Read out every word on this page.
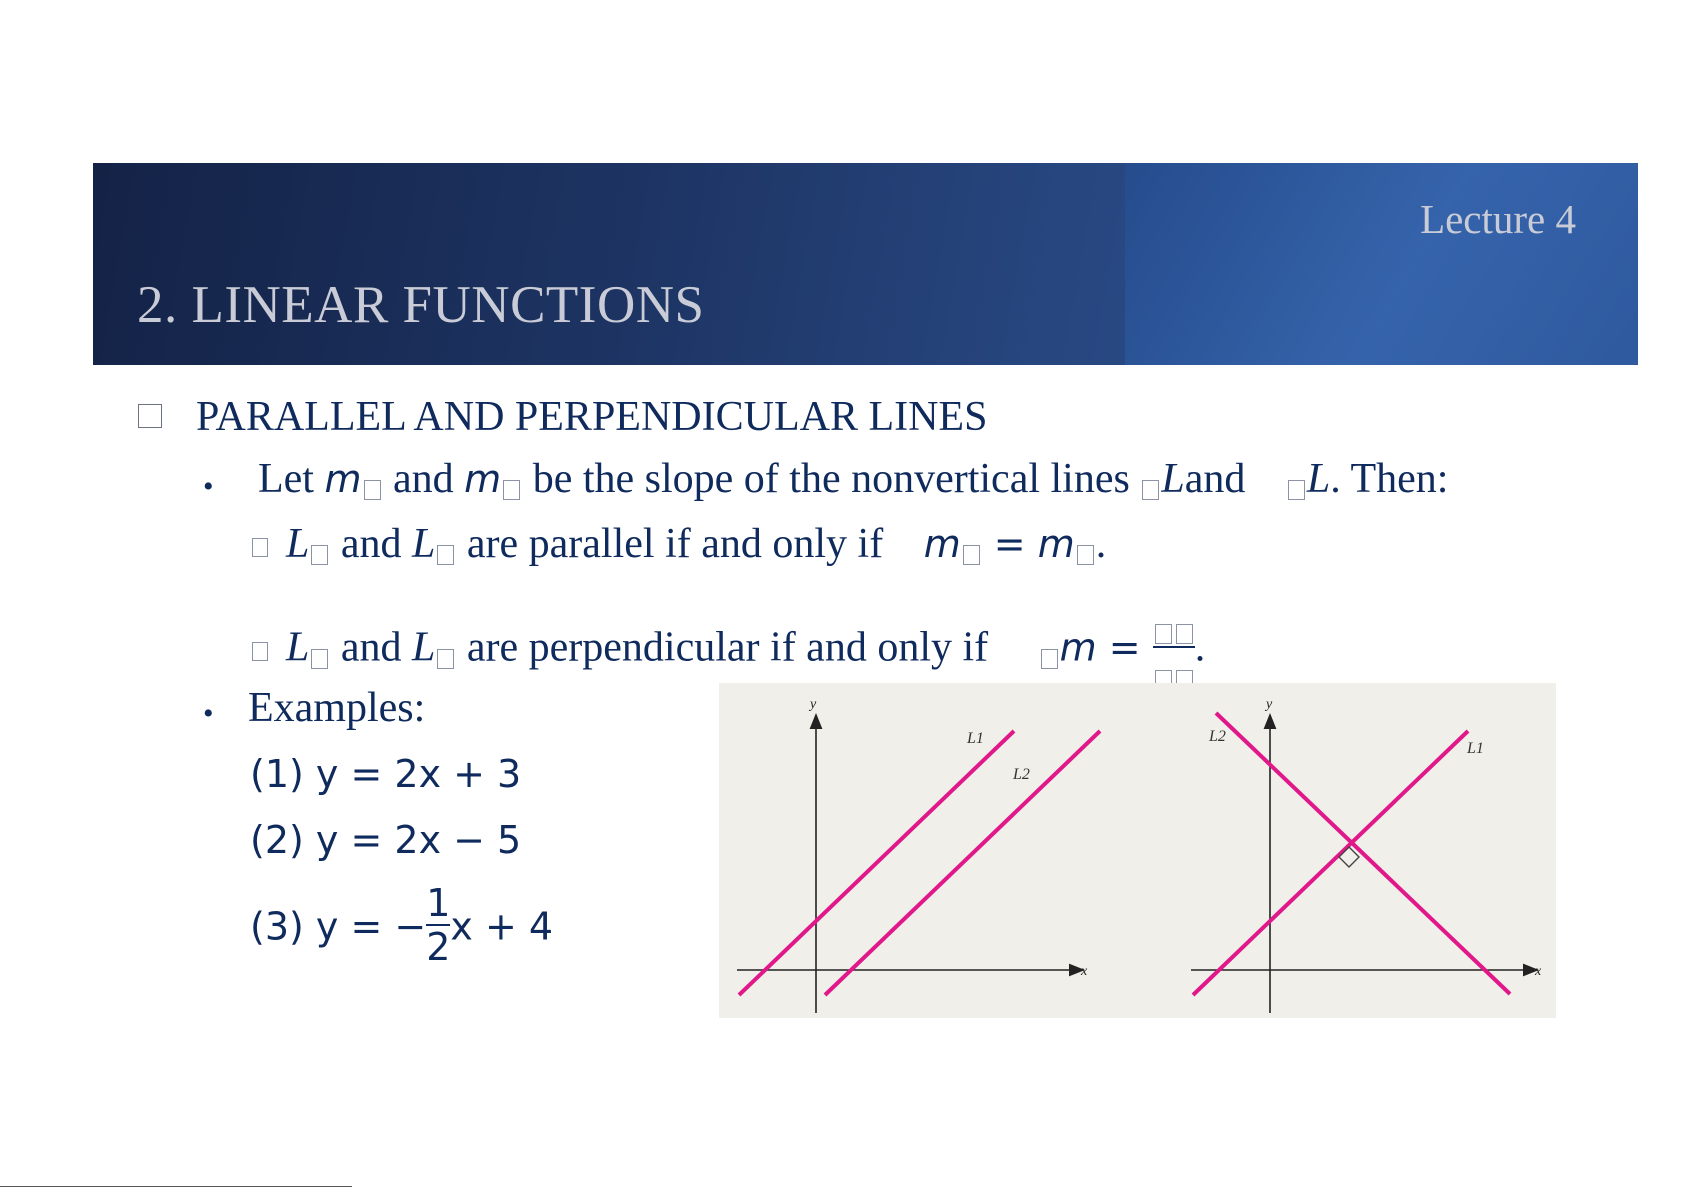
Lecture 4
2. LINEAR FUNCTIONS
PARALLEL AND PERPENDICULAR LINES
• Let m and m be the slope of the nonvertical lines Land L. Then:
L and L are parallel if and only if m = m .
L and L are perpendicular if and only if m =
.
• Examples:
(1) y = 2x + 3
(2) y = 2x − 5
(3) y = − $\frac{1}{2}$ x + 4
y
x
L1
L2
y
x
L1
L2
